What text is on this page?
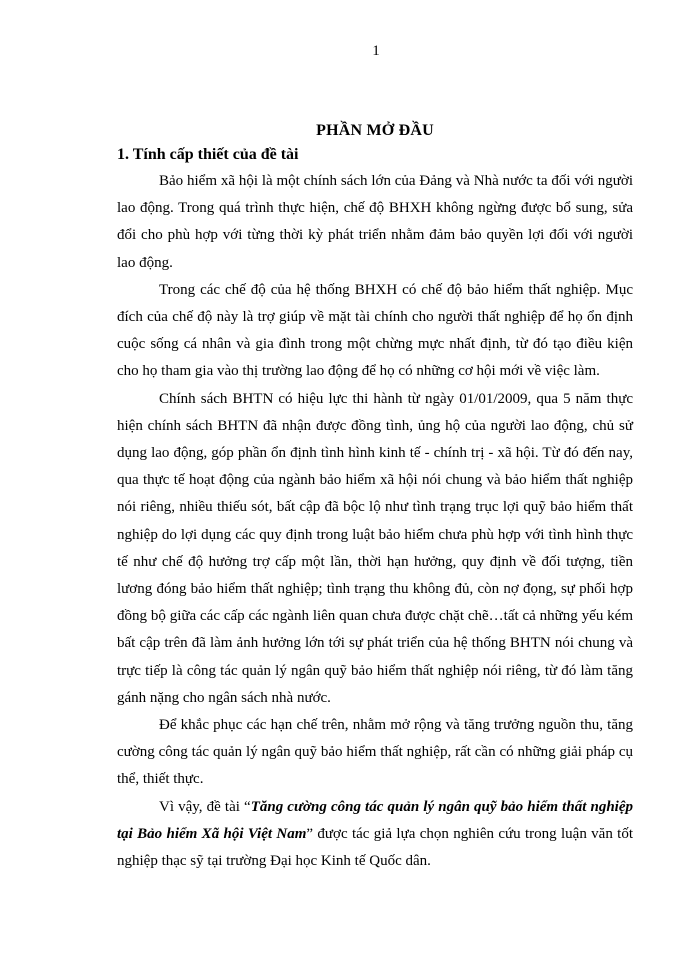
1
PHẦN MỞ ĐẦU
1. Tính cấp thiết của đề tài

Bảo hiểm xã hội là một chính sách lớn của Đảng và Nhà nước ta đối với người lao động. Trong quá trình thực hiện, chế độ BHXH không ngừng được bổ sung, sửa đổi cho phù hợp với từng thời kỳ phát triển nhằm đảm bảo quyền lợi đối với người lao động.

Trong các chế độ của hệ thống BHXH có chế độ bảo hiểm thất nghiệp. Mục đích của chế độ này là trợ giúp về mặt tài chính cho người thất nghiệp để họ ổn định cuộc sống cá nhân và gia đình trong một chừng mực nhất định, từ đó tạo điều kiện cho họ tham gia vào thị trường lao động để họ có những cơ hội mới về việc làm.

Chính sách BHTN có hiệu lực thi hành từ ngày 01/01/2009, qua 5 năm thực hiện chính sách BHTN đã nhận được đồng tình, ủng hộ của người lao động, chủ sử dụng lao động, góp phần ổn định tình hình kinh tế - chính trị - xã hội. Từ đó đến nay, qua thực tế hoạt động của ngành bảo hiểm xã hội nói chung và bảo hiểm thất nghiệp nói riêng, nhiều thiếu sót, bất cập đã bộc lộ như tình trạng trục lợi quỹ bảo hiểm thất nghiệp do lợi dụng các quy định trong luật bảo hiểm chưa phù hợp với tình hình thực tế như chế độ hưởng trợ cấp một lần, thời hạn hưởng, quy định về đối tượng, tiền lương đóng bảo hiểm thất nghiệp; tình trạng thu không đủ, còn nợ đọng, sự phối hợp đồng bộ giữa các cấp các ngành liên quan chưa được chặt chẽ…tất cả những yếu kém bất cập trên đã làm ảnh hưởng lớn tới sự phát triển của hệ thống BHTN nói chung và trực tiếp là công tác quản lý ngân quỹ bảo hiểm thất nghiệp nói riêng, từ đó làm tăng gánh nặng cho ngân sách nhà nước.

Để khắc phục các hạn chế trên, nhằm mở rộng và tăng trưởng nguồn thu, tăng cường công tác quản lý ngân quỹ bảo hiểm thất nghiệp, rất cần có những giải pháp cụ thể, thiết thực.

Vì vậy, đề tài “Tăng cường công tác quản lý ngân quỹ bảo hiểm thất nghiệp tại Bảo hiểm Xã hội Việt Nam” được tác giả lựa chọn nghiên cứu trong luận văn tốt nghiệp thạc sỹ tại trường Đại học Kinh tế Quốc dân.
